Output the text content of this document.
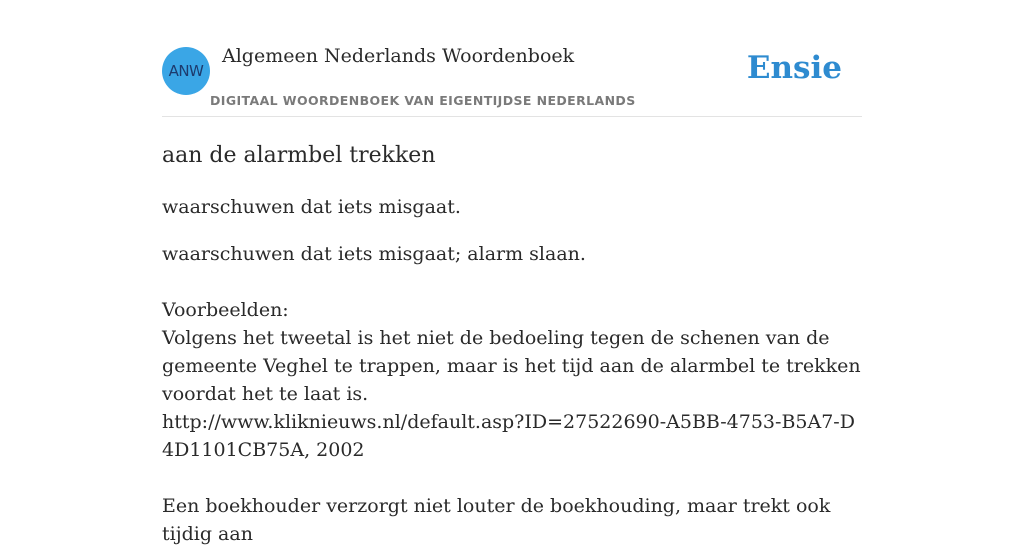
ANW
Algemeen Nederlands Woordenboek
DIGITAAL WOORDENBOEK VAN EIGENTIJDSE NEDERLANDS
Ensie
aan de alarmbel trekken

waarschuwen dat iets misgaat.

waarschuwen dat iets misgaat; alarm slaan.

Voorbeelden:

Volgens het tweetal is het niet de bedoeling tegen de schenen van de gemeente Veghel te trappen, maar is het tijd aan de alarmbel te trekken voordat het te laat is.

http://www.kliknieuws.nl/default.asp?ID=27522690-A5BB-4753-B5A7-D4D1101CB75A, 2002

Een boekhouder verzorgt niet louter de boekhouding, maar trekt ook tijdig aan
